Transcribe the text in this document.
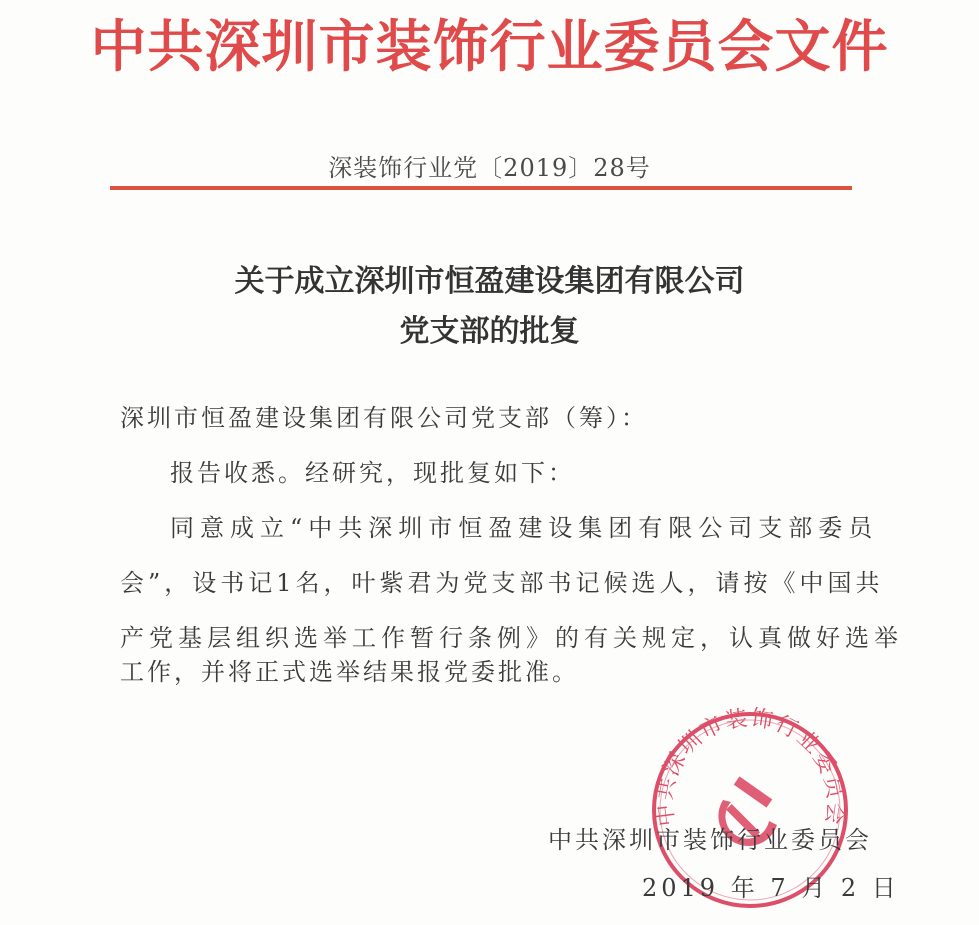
中共深圳市装饰行业委员会文件
深装饰行业党〔2019〕28号
关于成立深圳市恒盈建设集团有限公司
党支部的批复
深圳市恒盈建设集团有限公司党支部（筹）：
报告收悉。经研究，现批复如下：
同意成立“中共深圳市恒盈建设集团有限公司支部委员
会”，设书记1名，叶紫君为党支部书记候选人，请按《中国共
产党基层组织选举工作暂行条例》的有关规定，认真做好选举
工作，并将正式选举结果报党委批准。
中共深圳市装饰行业委员会
中共深圳市装饰行业委员会
2019 年 7 月 2 日
